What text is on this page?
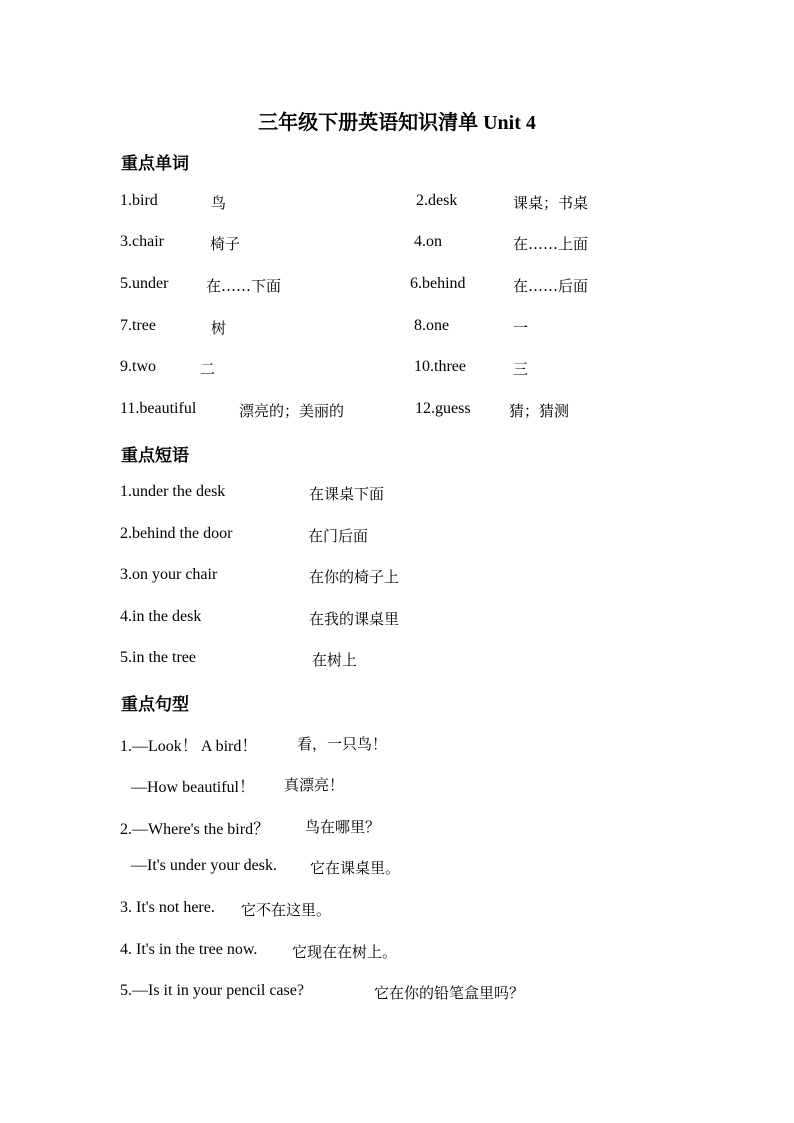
三年级下册英语知识清单 Unit 4
重点单词
1.bird	鸟	2.desk	课桌；书桌
3.chair	椅子	4.on	在……上面
5.under	在……下面	6.behind	在……后面
7.tree	树	8.one	一
9.two	二	10.three	三
11.beautiful	漂亮的；美丽的	12.guess	猜；猜测
重点短语
1.under the desk	在课桌下面
2.behind the door	在门后面
3.on your chair	在你的椅子上
4.in the desk	在我的课桌里
5.in the tree	在树上
重点句型
1.—Look！ A bird！	看，一只鸟！
—How beautiful！ 真漂亮！
2.—Where's the bird？ 鸟在哪里？
—It's under your desk. 它在课桌里。
3. It's not here. 它不在这里。
4. It's in the tree now. 它现在在树上。
5.—Is it in your pencil case?	它在你的铅笔盒里吗？
